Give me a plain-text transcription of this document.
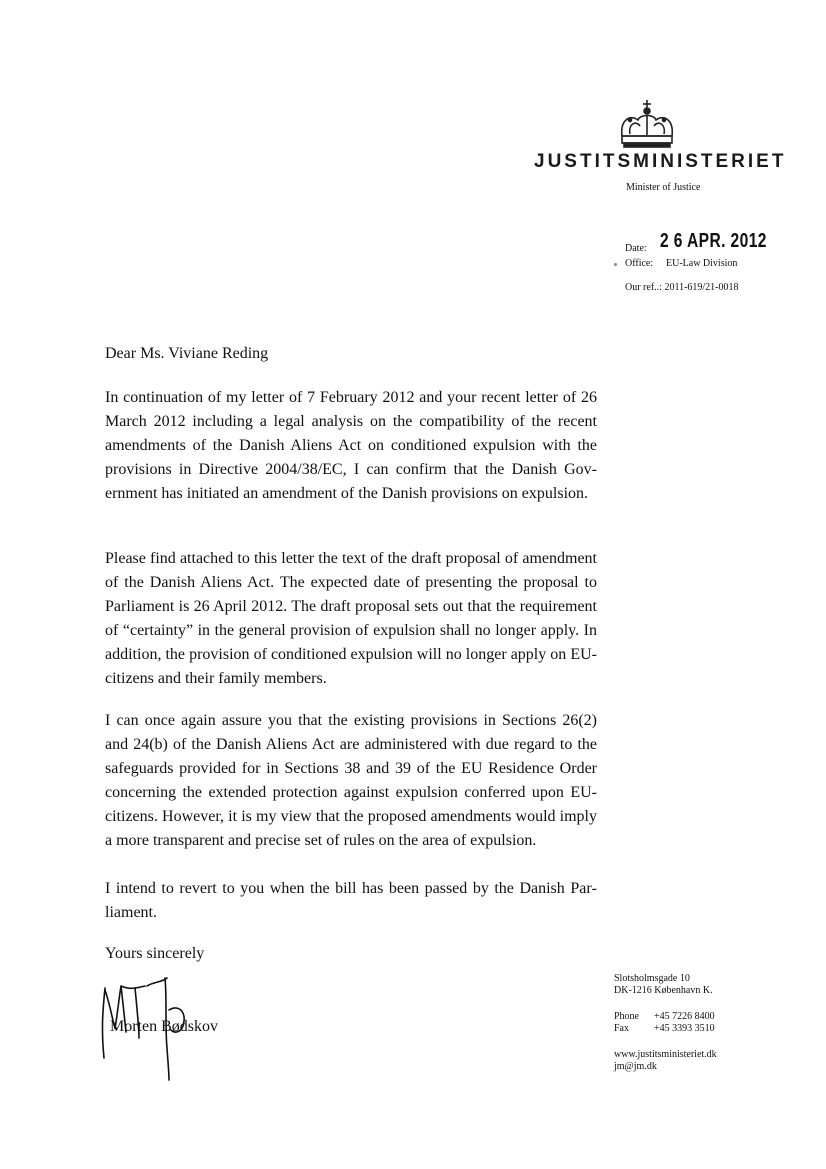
JUSTITSMINISTERIET
Minister of Justice
Date: 2 6 APR. 2012
Office: EU-Law Division
Our ref..: 2011-619/21-0018
Dear Ms. Viviane Reding

In continuation of my letter of 7 February 2012 and your recent letter of 26 March 2012 including a legal analysis on the compatibility of the recent amendments of the Danish Aliens Act on conditioned expulsion with the provisions in Directive 2004/38/EC, I can confirm that the Danish Government has initiated an amendment of the Danish provisions on expulsion.

Please find attached to this letter the text of the draft proposal of amendment of the Danish Aliens Act. The expected date of presenting the proposal to Parliament is 26 April 2012. The draft proposal sets out that the requirement of “certainty” in the general provision of expulsion shall no longer apply. In addition, the provision of conditioned expulsion will no longer apply on EU-citizens and their family members.

I can once again assure you that the existing provisions in Sections 26(2) and 24(b) of the Danish Aliens Act are administered with due regard to the safeguards provided for in Sections 38 and 39 of the EU Residence Order concerning the extended protection against expulsion conferred upon EUcitizens. However, it is my view that the proposed amendments would imply a more transparent and precise set of rules on the area of expulsion.

I intend to revert to you when the bill has been passed by the Danish Parliament.

Yours sincerely
Morten Bødskov
Slotsholmsgade 10
DK-1216 København K.
Phone +45 7226 8400
Fax	+45 3393 3510
www.justitsministeriet.dk
jm@jm.dk
